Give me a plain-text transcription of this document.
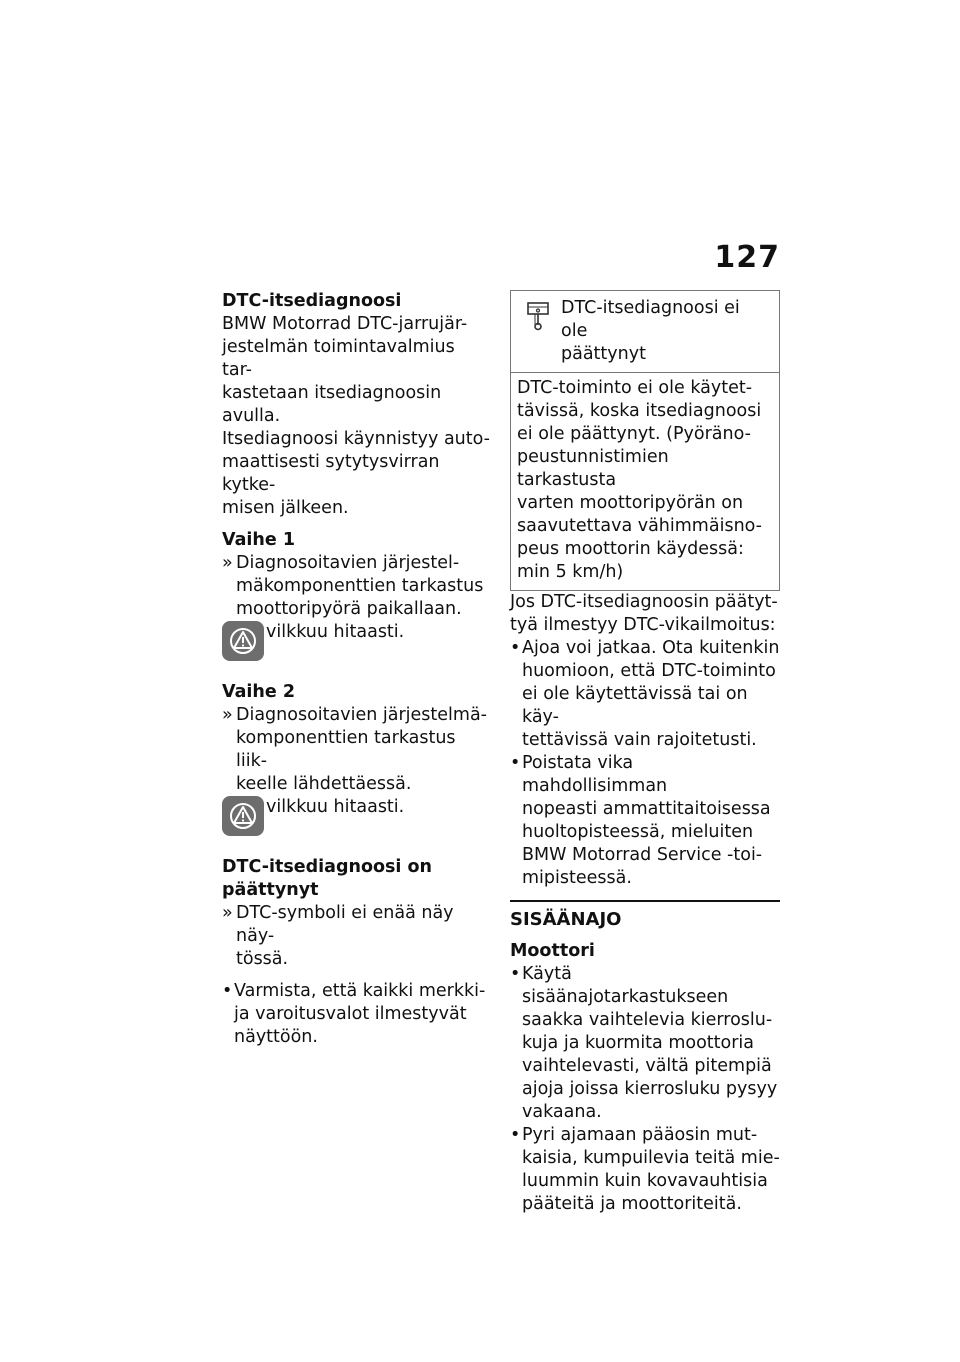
127
DTC-itsediagnoosi
BMW Motorrad DTC-jarrujär-
jestelmän toimintavalmius tar-
kastetaan itsediagnoosin avulla.
Itsediagnoosi käynnistyy auto-
maattisesti sytytysvirran kytke-
misen jälkeen.
Vaihe 1
» Diagnosoitavien järjestel-
mäkomponenttien tarkastus
moottoripyörä paikallaan.
vilkkuu hitaasti.
Vaihe 2
» Diagnosoitavien järjestelmä-
komponenttien tarkastus liik-
keelle lähdettäessä.
vilkkuu hitaasti.
DTC-itsediagnoosi on
päättynyt
» DTC-symboli ei enää näy näy-
tössä.
• Varmista, että kaikki merkki-
ja varoitusvalot ilmestyvät
näyttöön.
DTC-itsediagnoosi ei ole
päättynyt
DTC-toiminto ei ole käytet-
tävissä, koska itsediagnoosi
ei ole päättynyt. (Pyöräno-
peustunnistimien tarkastusta
varten moottoripyörän on
saavutettava vähimmäisno-
peus moottorin käydessä:
min 5 km/h)
Jos DTC-itsediagnoosin päätyt-
tyä ilmestyy DTC-vikailmoitus:
• Ajoa voi jatkaa. Ota kuitenkin
huomioon, että DTC-toiminto
ei ole käytettävissä tai on käy-
tettävissä vain rajoitetusti.
• Poistata vika mahdollisimman
nopeasti ammattitaitoisessa
huoltopisteessä, mieluiten
BMW Motorrad Service -toi-
mipisteessä.
SISÄÄNAJO
Moottori
• Käytä sisäänajotarkastukseen
saakka vaihtelevia kierroslu-
kuja ja kuormita moottoria
vaihtelevasti, vältä pitempiä
ajoja joissa kierrosluku pysyy
vakaana.
• Pyri ajamaan pääosin mut-
kaisia, kumpuilevia teitä mie-
luummin kuin kovavauhtisia
pääteitä ja moottoriteitä.
